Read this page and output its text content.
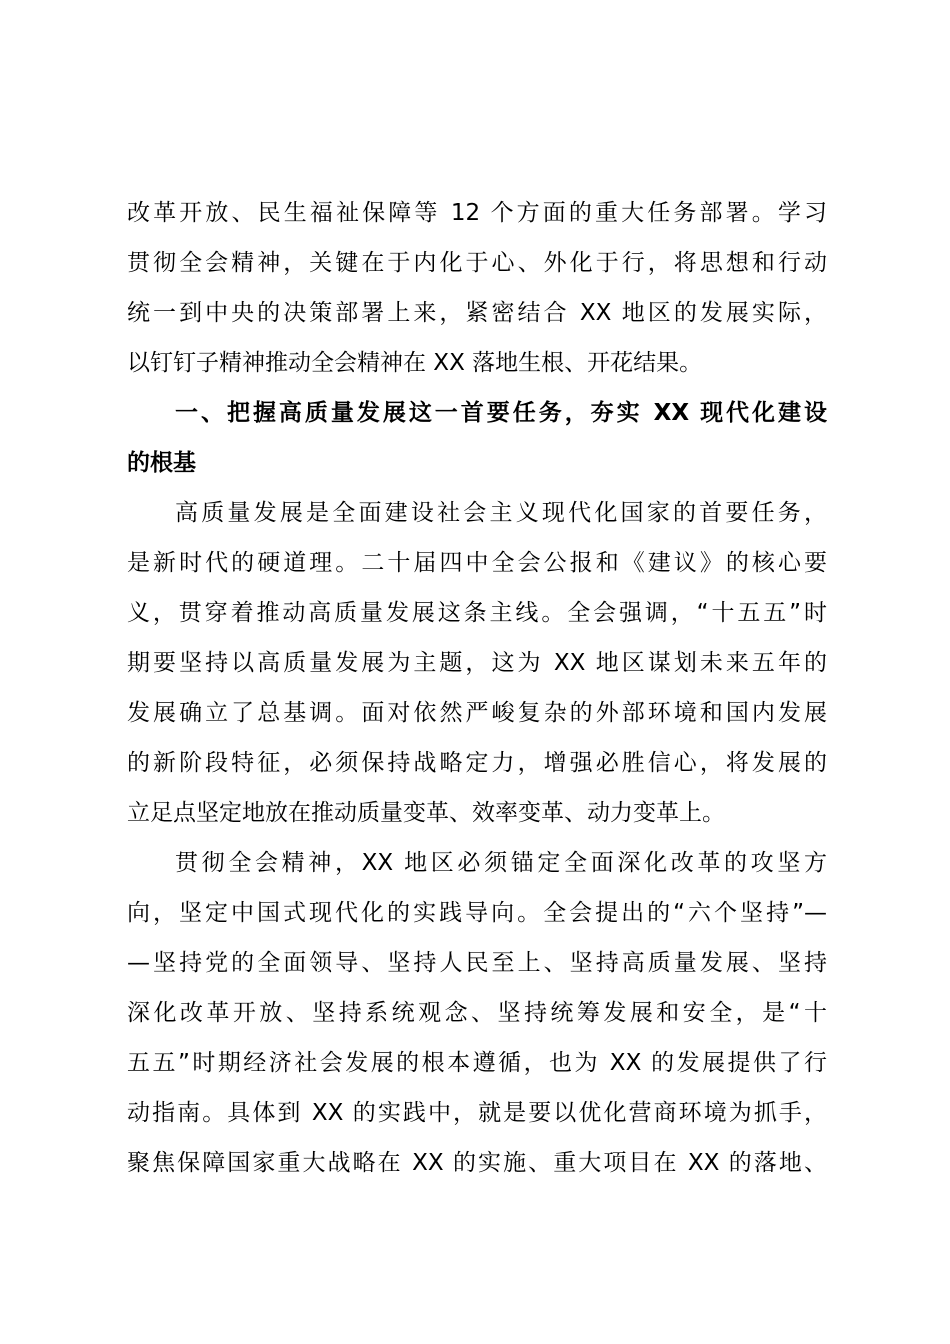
改革开放、民生福祉保障等 12 个方面的重大任务部署。学习
贯彻全会精神，关键在于内化于心、外化于行，将思想和行动
统一到中央的决策部署上来，紧密结合 XX 地区的发展实际，
以钉钉子精神推动全会精神在 XX 落地生根、开花结果。
一、把握高质量发展这一首要任务，夯实 XX 现代化建设
的根基
高质量发展是全面建设社会主义现代化国家的首要任务，
是新时代的硬道理。二十届四中全会公报和《建议》的核心要
义，贯穿着推动高质量发展这条主线。全会强调，“十五五”时
期要坚持以高质量发展为主题，这为 XX 地区谋划未来五年的
发展确立了总基调。面对依然严峻复杂的外部环境和国内发展
的新阶段特征，必须保持战略定力，增强必胜信心，将发展的
立足点坚定地放在推动质量变革、效率变革、动力变革上。
贯彻全会精神，XX 地区必须锚定全面深化改革的攻坚方
向，坚定中国式现代化的实践导向。全会提出的“六个坚持”—
—坚持党的全面领导、坚持人民至上、坚持高质量发展、坚持
深化改革开放、坚持系统观念、坚持统筹发展和安全，是“十
五五”时期经济社会发展的根本遵循，也为 XX 的发展提供了行
动指南。具体到 XX 的实践中，就是要以优化营商环境为抓手，
聚焦保障国家重大战略在 XX 的实施、重大项目在 XX 的落地、
